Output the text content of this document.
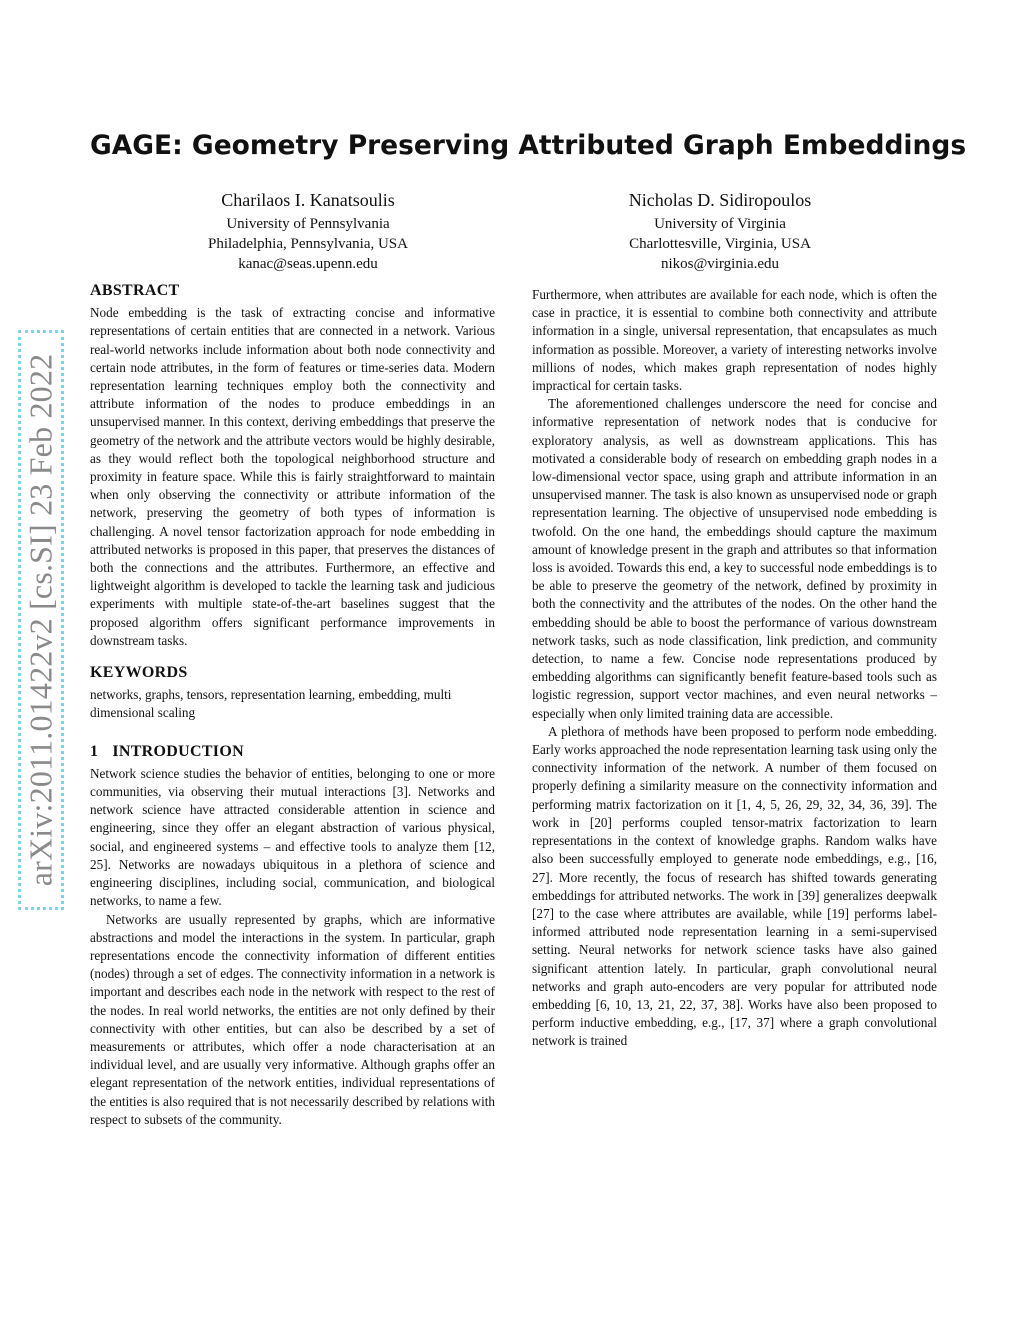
arXiv:2011.01422v2 [cs.SI] 23 Feb 2022
GAGE: Geometry Preserving Attributed Graph Embeddings
Charilaos I. Kanatsoulis
University of Pennsylvania
Philadelphia, Pennsylvania, USA
kanac@seas.upenn.edu
Nicholas D. Sidiropoulos
University of Virginia
Charlottesville, Virginia, USA
nikos@virginia.edu
ABSTRACT

Node embedding is the task of extracting concise and informative representations of certain entities that are connected in a network. Various real-world networks include information about both node connectivity and certain node attributes, in the form of features or time-series data. Modern representation learning techniques employ both the connectivity and attribute information of the nodes to produce embeddings in an unsupervised manner. In this context, deriving embeddings that preserve the geometry of the network and the attribute vectors would be highly desirable, as they would reflect both the topological neighborhood structure and proximity in feature space. While this is fairly straightforward to maintain when only observing the connectivity or attribute information of the network, preserving the geometry of both types of information is challenging. A novel tensor factorization approach for node embedding in attributed networks is proposed in this paper, that preserves the distances of both the connections and the attributes. Furthermore, an effective and lightweight algorithm is developed to tackle the learning task and judicious experiments with multiple state-of-the-art baselines suggest that the proposed algorithm offers significant performance improvements in downstream tasks.

KEYWORDS

networks, graphs, tensors, representation learning, embedding, multi dimensional scaling

1 INTRODUCTION

Network science studies the behavior of entities, belonging to one or more communities, via observing their mutual interactions [3]. Networks and network science have attracted considerable attention in science and engineering, since they offer an elegant abstraction of various physical, social, and engineered systems – and effective tools to analyze them [12, 25]. Networks are nowadays ubiquitous in a plethora of science and engineering disciplines, including social, communication, and biological networks, to name a few.

Networks are usually represented by graphs, which are informative abstractions and model the interactions in the system. In particular, graph representations encode the connectivity information of different entities (nodes) through a set of edges. The connectivity information in a network is important and describes each node in the network with respect to the rest of the nodes. In real world networks, the entities are not only defined by their connectivity with other entities, but can also be described by a set of measurements or attributes, which offer a node characterisation at an individual level, and are usually very informative. Although graphs offer an elegant representation of the network entities, individual representations of the entities is also required that is not necessarily described by relations with respect to subsets of the community.

Furthermore, when attributes are available for each node, which is often the case in practice, it is essential to combine both connectivity and attribute information in a single, universal representation, that encapsulates as much information as possible. Moreover, a variety of interesting networks involve millions of nodes, which makes graph representation of nodes highly impractical for certain tasks.

The aforementioned challenges underscore the need for concise and informative representation of network nodes that is conducive for exploratory analysis, as well as downstream applications. This has motivated a considerable body of research on embedding graph nodes in a low-dimensional vector space, using graph and attribute information in an unsupervised manner. The task is also known as unsupervised node or graph representation learning. The objective of unsupervised node embedding is twofold. On the one hand, the embeddings should capture the maximum amount of knowledge present in the graph and attributes so that information loss is avoided. Towards this end, a key to successful node embeddings is to be able to preserve the geometry of the network, defined by proximity in both the connectivity and the attributes of the nodes. On the other hand the embedding should be able to boost the performance of various downstream network tasks, such as node classification, link prediction, and community detection, to name a few. Concise node representations produced by embedding algorithms can significantly benefit feature-based tools such as logistic regression, support vector machines, and even neural networks – especially when only limited training data are accessible.

A plethora of methods have been proposed to perform node embedding. Early works approached the node representation learning task using only the connectivity information of the network. A number of them focused on properly defining a similarity measure on the connectivity information and performing matrix factorization on it [1, 4, 5, 26, 29, 32, 34, 36, 39]. The work in [20] performs coupled tensor-matrix factorization to learn representations in the context of knowledge graphs. Random walks have also been successfully employed to generate node embeddings, e.g., [16, 27]. More recently, the focus of research has shifted towards generating embeddings for attributed networks. The work in [39] generalizes deepwalk [27] to the case where attributes are available, while [19] performs label-informed attributed node representation learning in a semi-supervised setting. Neural networks for network science tasks have also gained significant attention lately. In particular, graph convolutional neural networks and graph auto-encoders are very popular for attributed node embedding [6, 10, 13, 21, 22, 37, 38]. Works have also been proposed to perform inductive embedding, e.g., [17, 37] where a graph convolutional network is trained
